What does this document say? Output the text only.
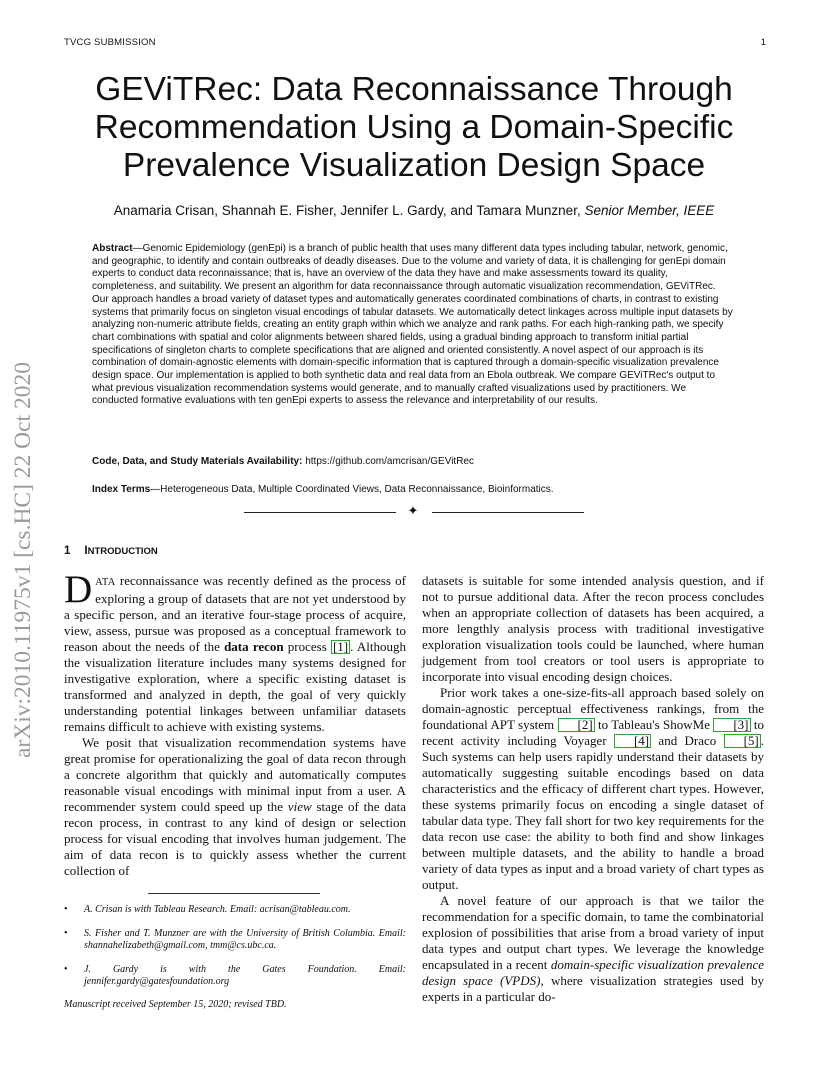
TVCG SUBMISSION	1
arXiv:2010.11975v1 [cs.HC] 22 Oct 2020
GEViTRec: Data Reconnaissance Through
Recommendation Using a Domain-Specific
Prevalence Visualization Design Space
Anamaria Crisan, Shannah E. Fisher, Jennifer L. Gardy, and Tamara Munzner, Senior Member, IEEE

Abstract—Genomic Epidemiology (genEpi) is a branch of public health that uses many different data types including tabular, network, genomic, and geographic, to identify and contain outbreaks of deadly diseases. Due to the volume and variety of data, it is challenging for genEpi domain experts to conduct data reconnaissance; that is, have an overview of the data they have and make assessments toward its quality, completeness, and suitability. We present an algorithm for data reconnaissance through automatic visualization recommendation, GEViTRec. Our approach handles a broad variety of dataset types and automatically generates coordinated combinations of charts, in contrast to existing systems that primarily focus on singleton visual encodings of tabular datasets. We automatically detect linkages across multiple input datasets by analyzing non-numeric attribute fields, creating an entity graph within which we analyze and rank paths. For each high-ranking path, we specify chart combinations with spatial and color alignments between shared fields, using a gradual binding approach to transform initial partial specifications of singleton charts to complete specifications that are aligned and oriented consistently. A novel aspect of our approach is its combination of domain-agnostic elements with domain-specific information that is captured through a domain-specific visualization prevalence design space. Our implementation is applied to both synthetic data and real data from an Ebola outbreak. We compare GEViTRec's output to what previous visualization recommendation systems would generate, and to manually crafted visualizations used by practitioners. We conducted formative evaluations with ten genEpi experts to assess the relevance and interpretability of our results.

Code, Data, and Study Materials Availability: https://github.com/amcrisan/GEVitRec

Index Terms—Heterogeneous Data, Multiple Coordinated Views, Data Reconnaissance, Bioinformatics.

✦
1 INTRODUCTION

DATA reconnaissance was recently defined as the process of exploring a group of datasets that are not yet understood by a specific person, and an iterative four-stage process of acquire, view, assess, pursue was proposed as a conceptual framework to reason about the needs of the data recon process [1] . Although the visualization literature includes many systems designed for investigative exploration, where a specific existing dataset is transformed and analyzed in depth, the goal of very quickly understanding potential linkages between unfamiliar datasets remains difficult to achieve with existing systems.

We posit that visualization recommendation systems have great promise for operationalizing the goal of data recon through a concrete algorithm that quickly and automatically computes reasonable visual encodings with minimal input from a user. A recommender system could speed up the view stage of the data recon process, in contrast to any kind of design or selection process for visual encoding that involves human judgement. The aim of data recon is to quickly assess whether the current collection of

datasets is suitable for some intended analysis question, and if not to pursue additional data. After the recon process concludes when an appropriate collection of datasets has been acquired, a more lengthly analysis process with traditional investigative exploration visualization tools could be launched, where human judgement from tool creators or tool users is appropriate to incorporate into visual encoding design choices.

Prior work takes a one-size-fits-all approach based solely on domain-agnostic perceptual effectiveness rankings, from the foundational APT system [2] to Tableau's ShowMe [3] to recent activity including Voyager [4] and Draco [5] . Such systems can help users rapidly understand their datasets by automatically suggesting suitable encodings based on data characteristics and the efficacy of different chart types. However, these systems primarily focus on encoding a single dataset of tabular data type. They fall short for two key requirements for the data recon use case: the ability to both find and show linkages between multiple datasets, and the ability to handle a broad variety of data types as input and a broad variety of chart types as output.

A novel feature of our approach is that we tailor the recommendation for a specific domain, to tame the combinatorial explosion of possibilities that arise from a broad variety of input data types and output chart types. We leverage the knowledge encapsulated in a recent domain-specific visualization prevalence design space (VPDS), where visualization strategies used by experts in a particular do-

• A. Crisan is with Tableau Research. Email: acrisan@tableau.com.
• S. Fisher and T. Munzner are with the University of British Columbia. Email: shannahelizabeth@gmail.com, tmm@cs.ubc.ca.
• J. Gardy is with the Gates Foundation. Email: jennifer.gardy@gatesfoundation.org
Manuscript received September 15, 2020; revised TBD.
